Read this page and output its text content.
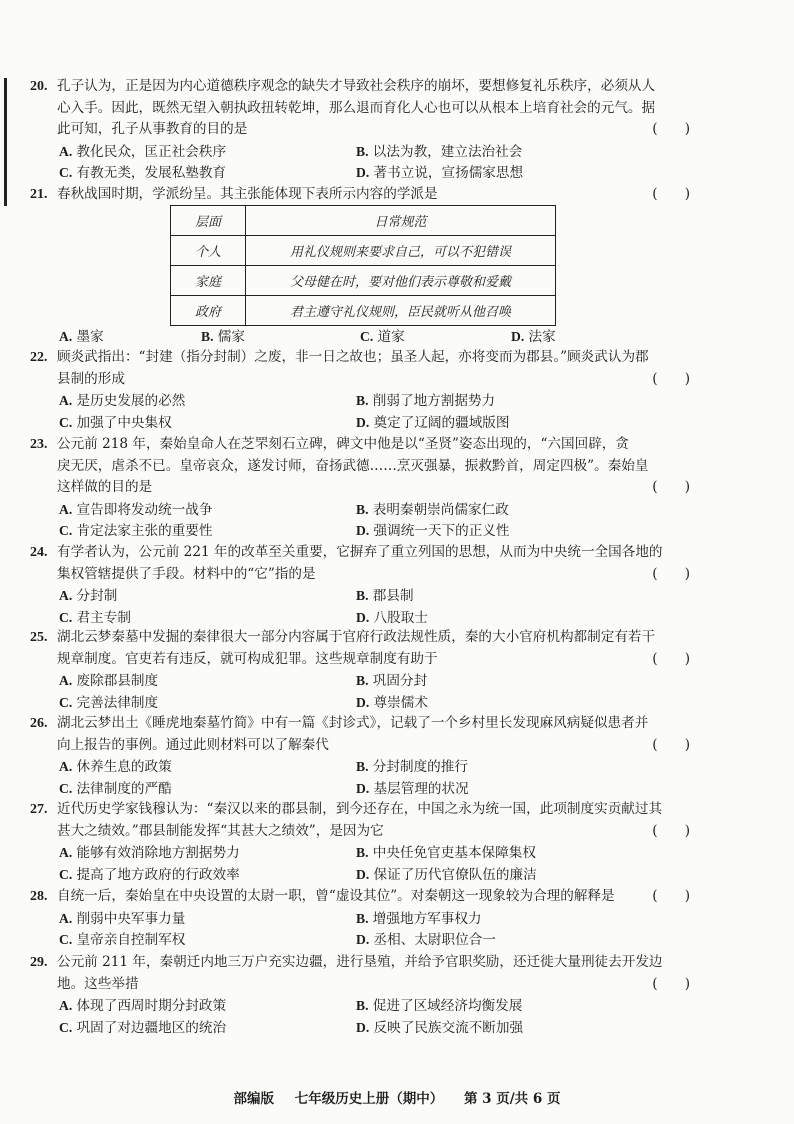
20. 孔子认为，正是因为内心道德秩序观念的缺失才导致社会秩序的崩坏，要想修复礼乐秩序，必须从人
心入手。因此，既然无望入朝执政扭转乾坤，那么退而育化人心也可以从根本上培育社会的元气。据
此可知，孔子从事教育的目的是	(　　)
A. 教化民众，匡正社会秩序	B. 以法为教，建立法治社会
C. 有教无类，发展私塾教育	D. 著书立说，宣扬儒家思想
21. 春秋战国时期，学派纷呈。其主张能体现下表所示内容的学派是	(　　)
层面	日常规范
个人	用礼仪规则来要求自己，可以不犯错误
家庭	父母健在时，要对他们表示尊敬和爱戴
政府	君主遵守礼仪规则，臣民就听从他召唤
A. 墨家	B. 儒家	C. 道家	D. 法家
22. 顾炎武指出：“封建（指分封制）之废，非一日之故也；虽圣人起，亦将变而为郡县。”顾炎武认为郡
县制的形成	(　　)
A. 是历史发展的必然	B. 削弱了地方割据势力
C. 加强了中央集权	D. 奠定了辽阔的疆域版图
23. 公元前 218 年，秦始皇命人在芝罘刻石立碑，碑文中他是以“圣贤”姿态出现的，“六国回辟，贪
戾无厌，虐杀不已。皇帝哀众，遂发讨师，奋扬武德……烹灭强暴，振救黔首，周定四极”。秦始皇
这样做的目的是	(　　)
A. 宣告即将发动统一战争	B. 表明秦朝崇尚儒家仁政
C. 肯定法家主张的重要性	D. 强调统一天下的正义性
24. 有学者认为，公元前 221 年的改革至关重要，它摒弃了重立列国的思想，从而为中央统一全国各地的
集权管辖提供了手段。材料中的“它”指的是	(　　)
A. 分封制	B. 郡县制
C. 君主专制	D. 八股取士
25. 湖北云梦秦墓中发掘的秦律很大一部分内容属于官府行政法规性质，秦的大小官府机构都制定有若干
规章制度。官吏若有违反，就可构成犯罪。这些规章制度有助于	(　　)
A. 废除郡县制度	B. 巩固分封
C. 完善法律制度	D. 尊崇儒术
26. 湖北云梦出土《睡虎地秦墓竹简》中有一篇《封诊式》，记载了一个乡村里长发现麻风病疑似患者并
向上报告的事例。通过此则材料可以了解秦代	(　　)
A. 休养生息的政策	B. 分封制度的推行
C. 法律制度的严酷	D. 基层管理的状况
27. 近代历史学家钱穆认为：“秦汉以来的郡县制，到今还存在，中国之永为统一国，此项制度实贡献过其
甚大之绩效。”郡县制能发挥“其甚大之绩效”，是因为它	(　　)
A. 能够有效消除地方割据势力	B. 中央任免官吏基本保障集权
C. 提高了地方政府的行政效率	D. 保证了历代官僚队伍的廉洁
28. 自统一后，秦始皇在中央设置的太尉一职，曾“虚设其位”。对秦朝这一现象较为合理的解释是	(　　)
A. 削弱中央军事力量	B. 增强地方军事权力
C. 皇帝亲自控制军权	D. 丞相、太尉职位合一
29. 公元前 211 年，秦朝迁内地三万户充实边疆，进行垦殖，并给予官职奖励，还迁徙大量刑徒去开发边
地。这些举措	(　　)
A. 体现了西周时期分封政策	B. 促进了区域经济均衡发展
C. 巩固了对边疆地区的统治	D. 反映了民族交流不断加强
部编版 七年级历史上册（期中） 第 3 页/共 6 页
